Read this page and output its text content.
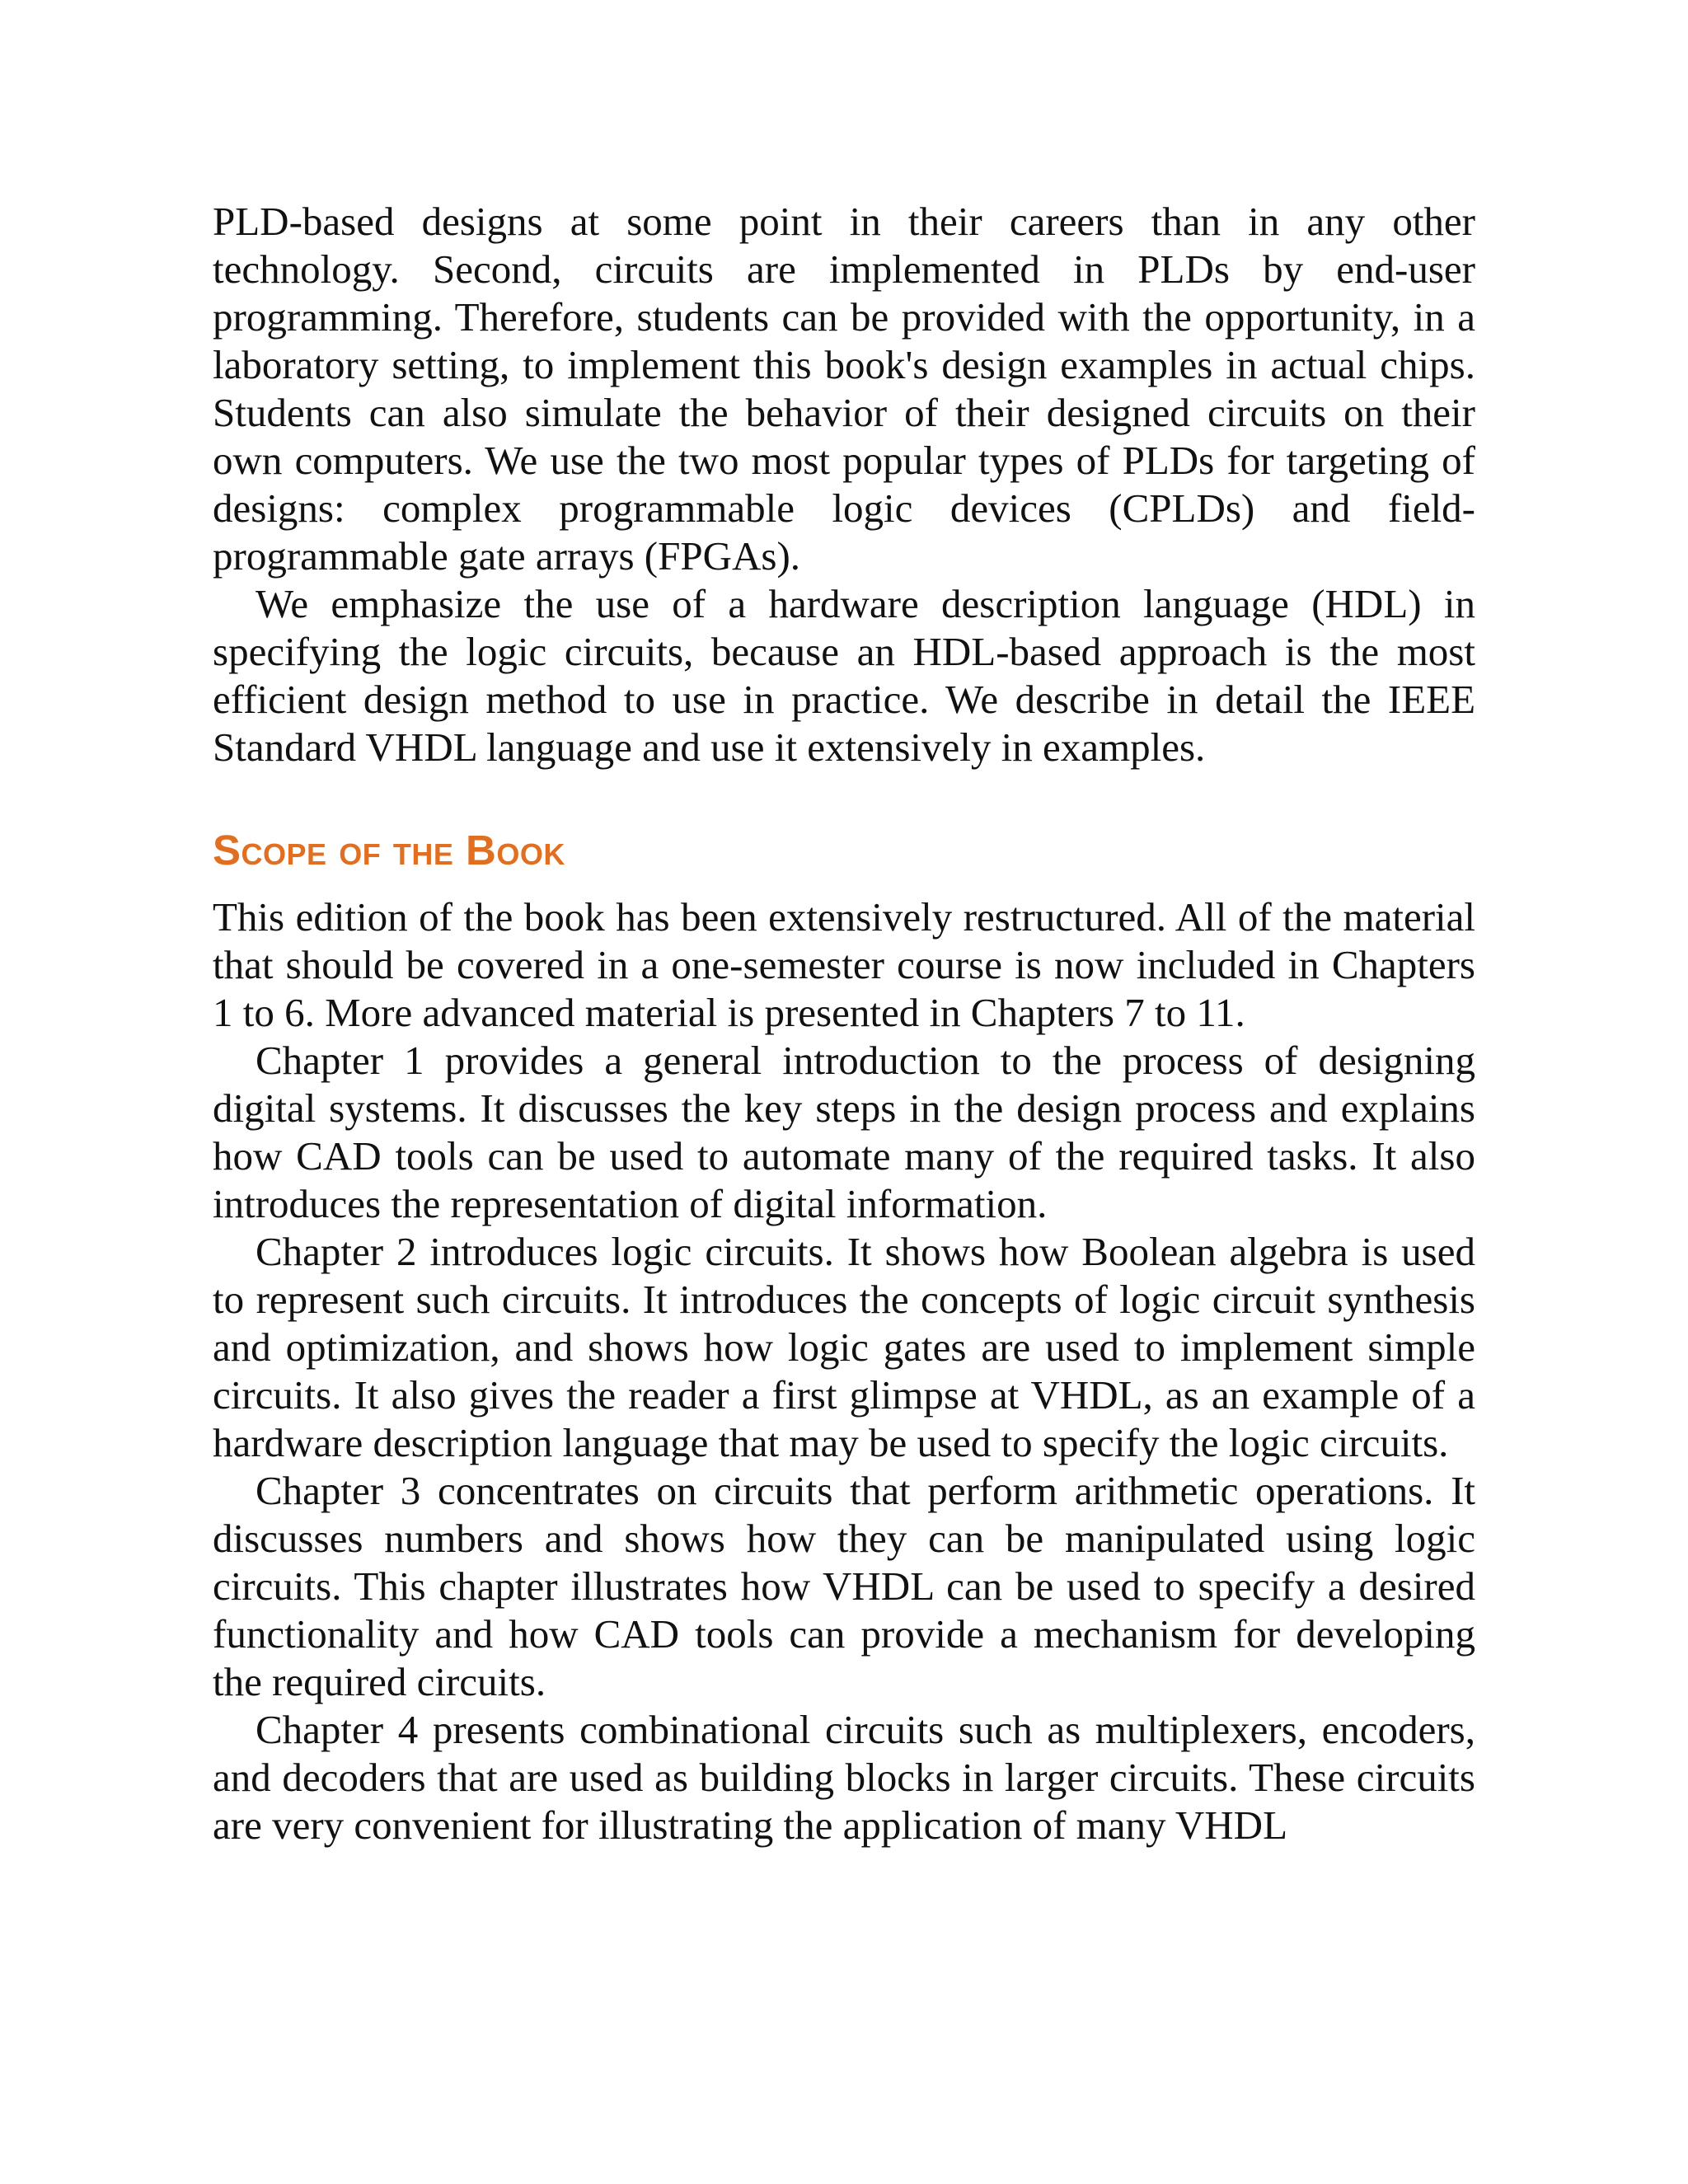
PLD-based designs at some point in their careers than in any other technology. Second, circuits are implemented in PLDs by end-user programming. Therefore, students can be provided with the opportunity, in a laboratory setting, to implement this book's design examples in actual chips. Students can also simulate the behavior of their designed circuits on their own computers. We use the two most popular types of PLDs for targeting of designs: complex programmable logic devices (CPLDs) and field-programmable gate arrays (FPGAs).

We emphasize the use of a hardware description language (HDL) in specifying the logic circuits, because an HDL-based approach is the most efficient design method to use in practice. We describe in detail the IEEE Standard VHDL language and use it extensively in examples.

Scope of the Book

This edition of the book has been extensively restructured. All of the material that should be covered in a one-semester course is now included in Chapters 1 to 6. More advanced material is presented in Chapters 7 to 11.

Chapter 1 provides a general introduction to the process of designing digital systems. It discusses the key steps in the design process and explains how CAD tools can be used to automate many of the required tasks. It also introduces the representation of digital information.

Chapter 2 introduces logic circuits. It shows how Boolean algebra is used to represent such circuits. It introduces the concepts of logic circuit synthesis and optimization, and shows how logic gates are used to implement simple circuits. It also gives the reader a first glimpse at VHDL, as an example of a hardware description language that may be used to specify the logic circuits.

Chapter 3 concentrates on circuits that perform arithmetic operations. It discusses numbers and shows how they can be manipulated using logic circuits. This chapter illustrates how VHDL can be used to specify a desired functionality and how CAD tools can provide a mechanism for developing the required circuits.

Chapter 4 presents combinational circuits such as multiplexers, encoders, and decoders that are used as building blocks in larger circuits. These circuits are very convenient for illustrating the application of many VHDL
